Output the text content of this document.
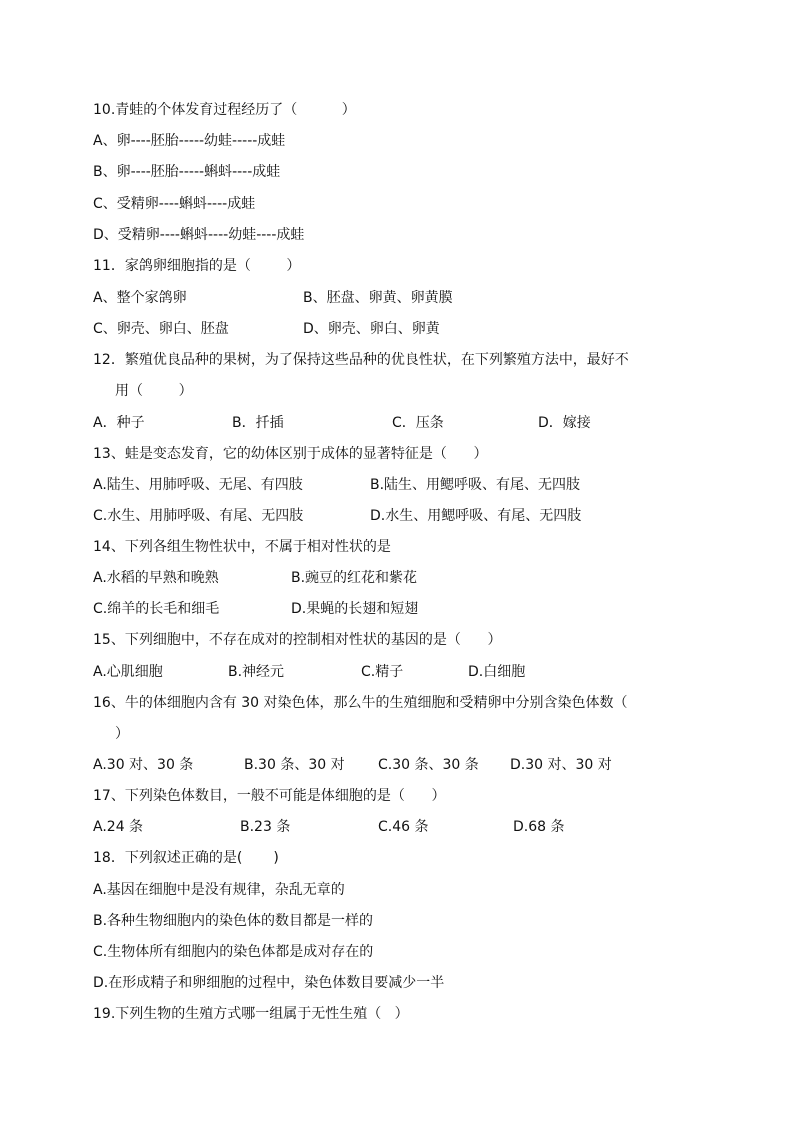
10.青蛙的个体发育过程经历了（          ）
A、卵----胚胎-----幼蛙-----成蛙
B、卵----胚胎-----蝌蚪----成蛙
C、受精卵----蝌蚪----成蛙
D、受精卵----蝌蚪----幼蛙----成蛙
11．家鸽卵细胞指的是（        ）
A、整个家鸽卵	B、胚盘、卵黄、卵黄膜
C、卵壳、卵白、胚盘	D、卵壳、卵白、卵黄
12．繁殖优良品种的果树，为了保持这些品种的优良性状，在下列繁殖方法中，最好不
用（        ）
A．种子	B．扦插	C．压条	D．嫁接
13、蛙是变态发育，它的幼体区别于成体的显著特征是（      ）
A.陆生、用肺呼吸、无尾、有四肢	B.陆生、用鳃呼吸、有尾、无四肢
C.水生、用肺呼吸、有尾、无四肢	D.水生、用鳃呼吸、有尾、无四肢
14、下列各组生物性状中，不属于相对性状的是
A.水稻的早熟和晚熟	B.豌豆的红花和紫花
C.绵羊的长毛和细毛	D.果蝇的长翅和短翅
15、下列细胞中，不存在成对的控制相对性状的基因的是（      ）
A.心肌细胞	B.神经元	C.精子	D.白细胞
16、牛的体细胞内含有 30 对染色体，那么牛的生殖细胞和受精卵中分别含染色体数（
）
A.30 对、30 条	B.30 条、30 对 C.30 条、30 条 D.30 对、30 对
17、下列染色体数目，一般不可能是体细胞的是（      ）
A.24 条	B.23 条	C.46 条	D.68 条
18．下列叙述正确的是(       )
A.基因在细胞中是没有规律，杂乱无章的
B.各种生物细胞内的染色体的数目都是一样的
C.生物体所有细胞内的染色体都是成对存在的
D.在形成精子和卵细胞的过程中，染色体数目要减少一半
19.下列生物的生殖方式哪一组属于无性生殖（   ）
